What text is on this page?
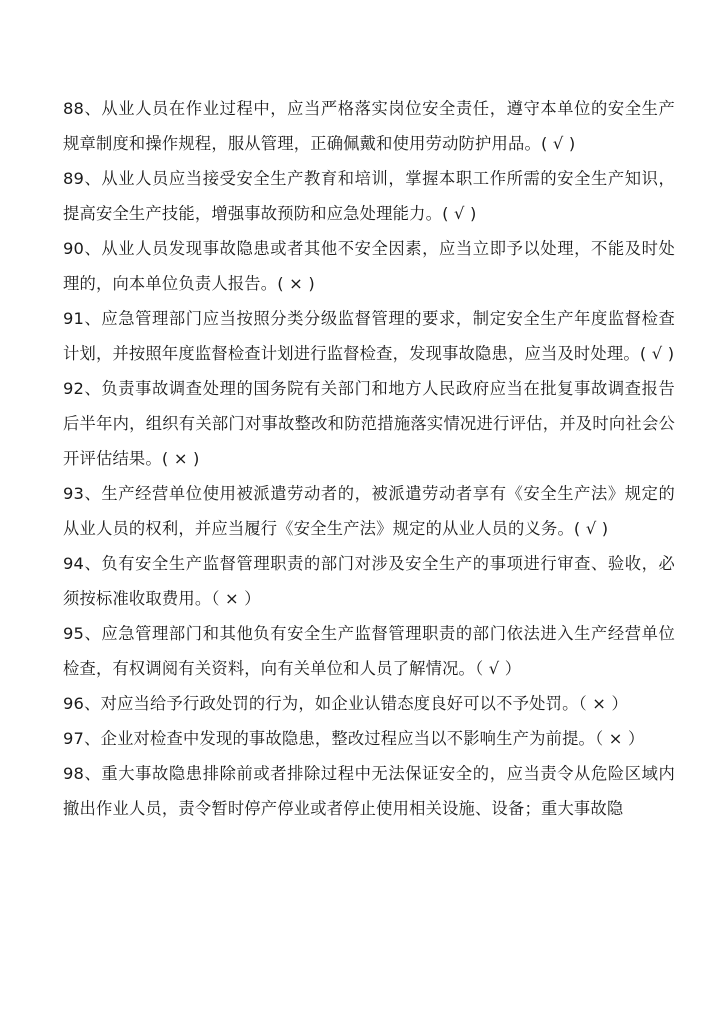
88、从业人员在作业过程中，应当严格落实岗位安全责任，遵守本单位的安全生产规章制度和操作规程，服从管理，正确佩戴和使用劳动防护用品。( √ )

89、从业人员应当接受安全生产教育和培训，掌握本职工作所需的安全生产知识，提高安全生产技能，增强事故预防和应急处理能力。( √ )

90、从业人员发现事故隐患或者其他不安全因素，应当立即予以处理，不能及时处理的，向本单位负责人报告。( × )

91、应急管理部门应当按照分类分级监督管理的要求，制定安全生产年度监督检查计划，并按照年度监督检查计划进行监督检查，发现事故隐患，应当及时处理。( √ )

92、负责事故调查处理的国务院有关部门和地方人民政府应当在批复事故调查报告后半年内，组织有关部门对事故整改和防范措施落实情况进行评估，并及时向社会公开评估结果。( × )

93、生产经营单位使用被派遣劳动者的，被派遣劳动者享有《安全生产法》规定的从业人员的权利，并应当履行《安全生产法》规定的从业人员的义务。( √ )

94、负有安全生产监督管理职责的部门对涉及安全生产的事项进行审查、验收，必须按标准收取费用。（ × ）

95、应急管理部门和其他负有安全生产监督管理职责的部门依法进入生产经营单位检查，有权调阅有关资料，向有关单位和人员了解情况。（ √ ）

96、对应当给予行政处罚的行为，如企业认错态度良好可以不予处罚。（ × ）

97、企业对检查中发现的事故隐患，整改过程应当以不影响生产为前提。（ × ）

98、重大事故隐患排除前或者排除过程中无法保证安全的，应当责令从危险区域内撤出作业人员，责令暂时停产停业或者停止使用相关设施、设备；重大事故隐
